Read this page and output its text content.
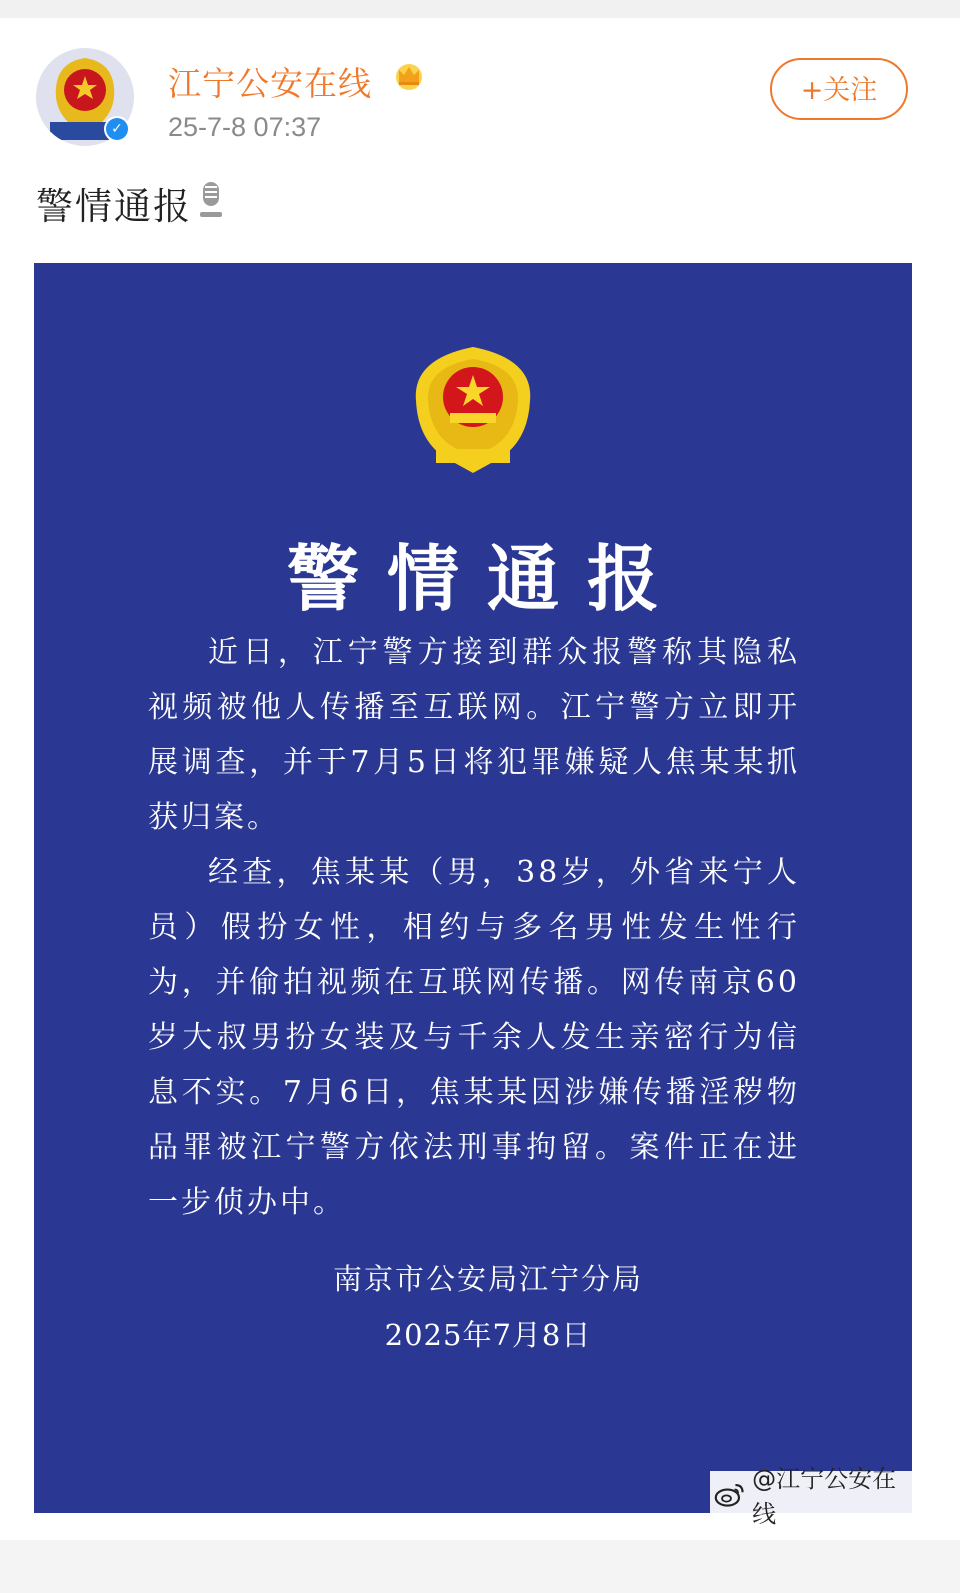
✓
江宁公安在线
25-7-8 07:37
+关注
警情通报
警情通报

近日，江宁警方接到群众报警称其隐私视频被他人传播至互联网。江宁警方立即开展调查，并于7月5日将犯罪嫌疑人焦某某抓获归案。

经查，焦某某（男，38岁，外省来宁人员）假扮女性，相约与多名男性发生性行为，并偷拍视频在互联网传播。网传南京60岁大叔男扮女装及与千余人发生亲密行为信息不实。7月6日，焦某某因涉嫌传播淫秽物品罪被江宁警方依法刑事拘留。案件正在进一步侦办中。

南京市公安局江宁分局
2025年7月8日
@江宁公安在线
